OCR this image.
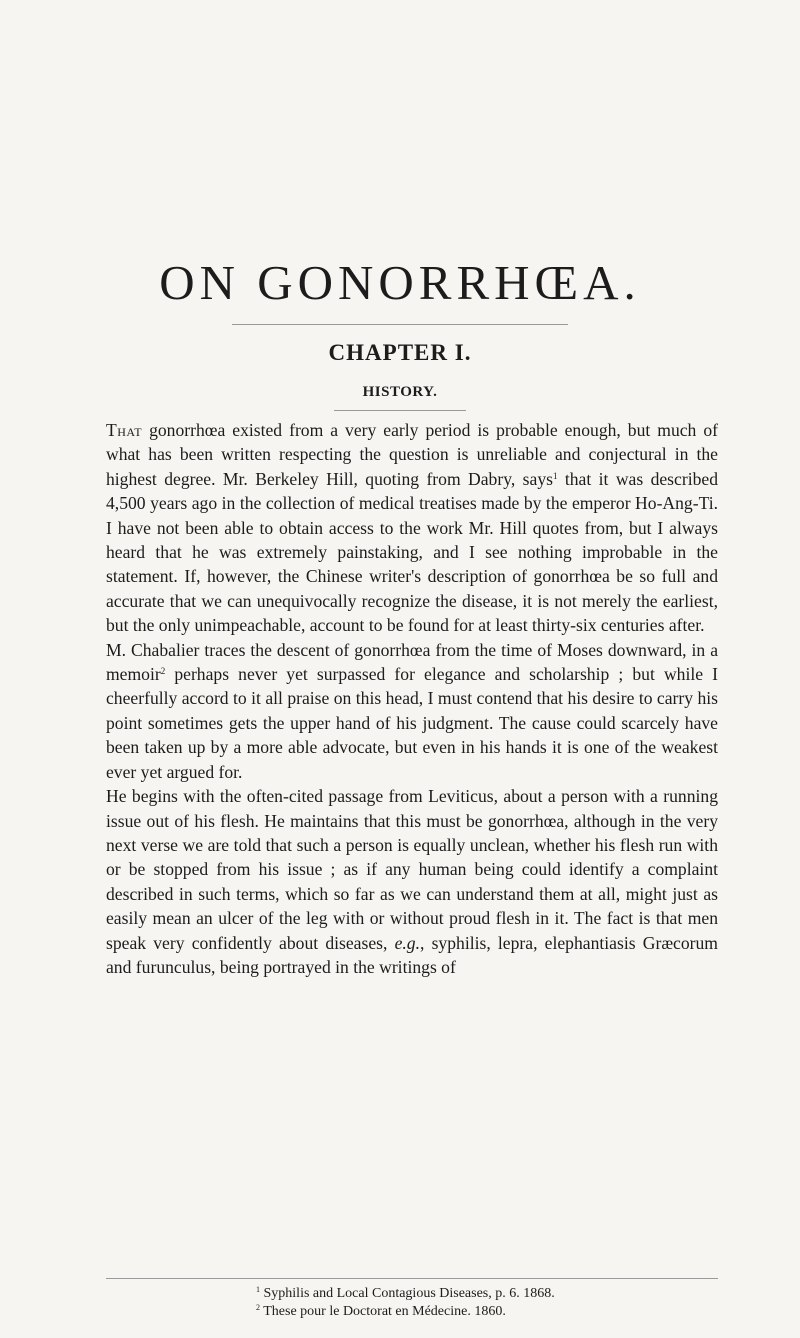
ON GONORRHŒA.
CHAPTER I.
HISTORY.

That gonorrhœa existed from a very early period is probable enough, but much of what has been written respecting the question is unreliable and conjectural in the highest degree. Mr. Berkeley Hill, quoting from Dabry, says$^1$ that it was described 4,500 years ago in the collection of medical treatises made by the emperor Ho-Ang-Ti. I have not been able to obtain access to the work Mr. Hill quotes from, but I always heard that he was extremely painstaking, and I see nothing improbable in the statement. If, however, the Chinese writer's description of gonorrhœa be so full and accurate that we can unequivocally recognize the disease, it is not merely the earliest, but the only unimpeachable, account to be found for at least thirty-six centuries after.

M. Chabalier traces the descent of gonorrhœa from the time of Moses downward, in a memoir$^2$ perhaps never yet surpassed for elegance and scholarship ; but while I cheerfully accord to it all praise on this head, I must contend that his desire to carry his point sometimes gets the upper hand of his judgment. The cause could scarcely have been taken up by a more able advocate, but even in his hands it is one of the weakest ever yet argued for.

He begins with the often-cited passage from Leviticus, about a person with a running issue out of his flesh. He maintains that this must be gonorrhœa, although in the very next verse we are told that such a person is equally unclean, whether his flesh run with or be stopped from his issue ; as if any human being could identify a complaint described in such terms, which so far as we can understand them at all, might just as easily mean an ulcer of the leg with or without proud flesh in it. The fact is that men speak very confidently about diseases, e.g., syphilis, lepra, elephantiasis Græcorum and furunculus, being portrayed in the writings of

$^1$ Syphilis and Local Contagious Diseases, p. 6. 1868.
$^2$ These pour le Doctorat en Médecine. 1860.
